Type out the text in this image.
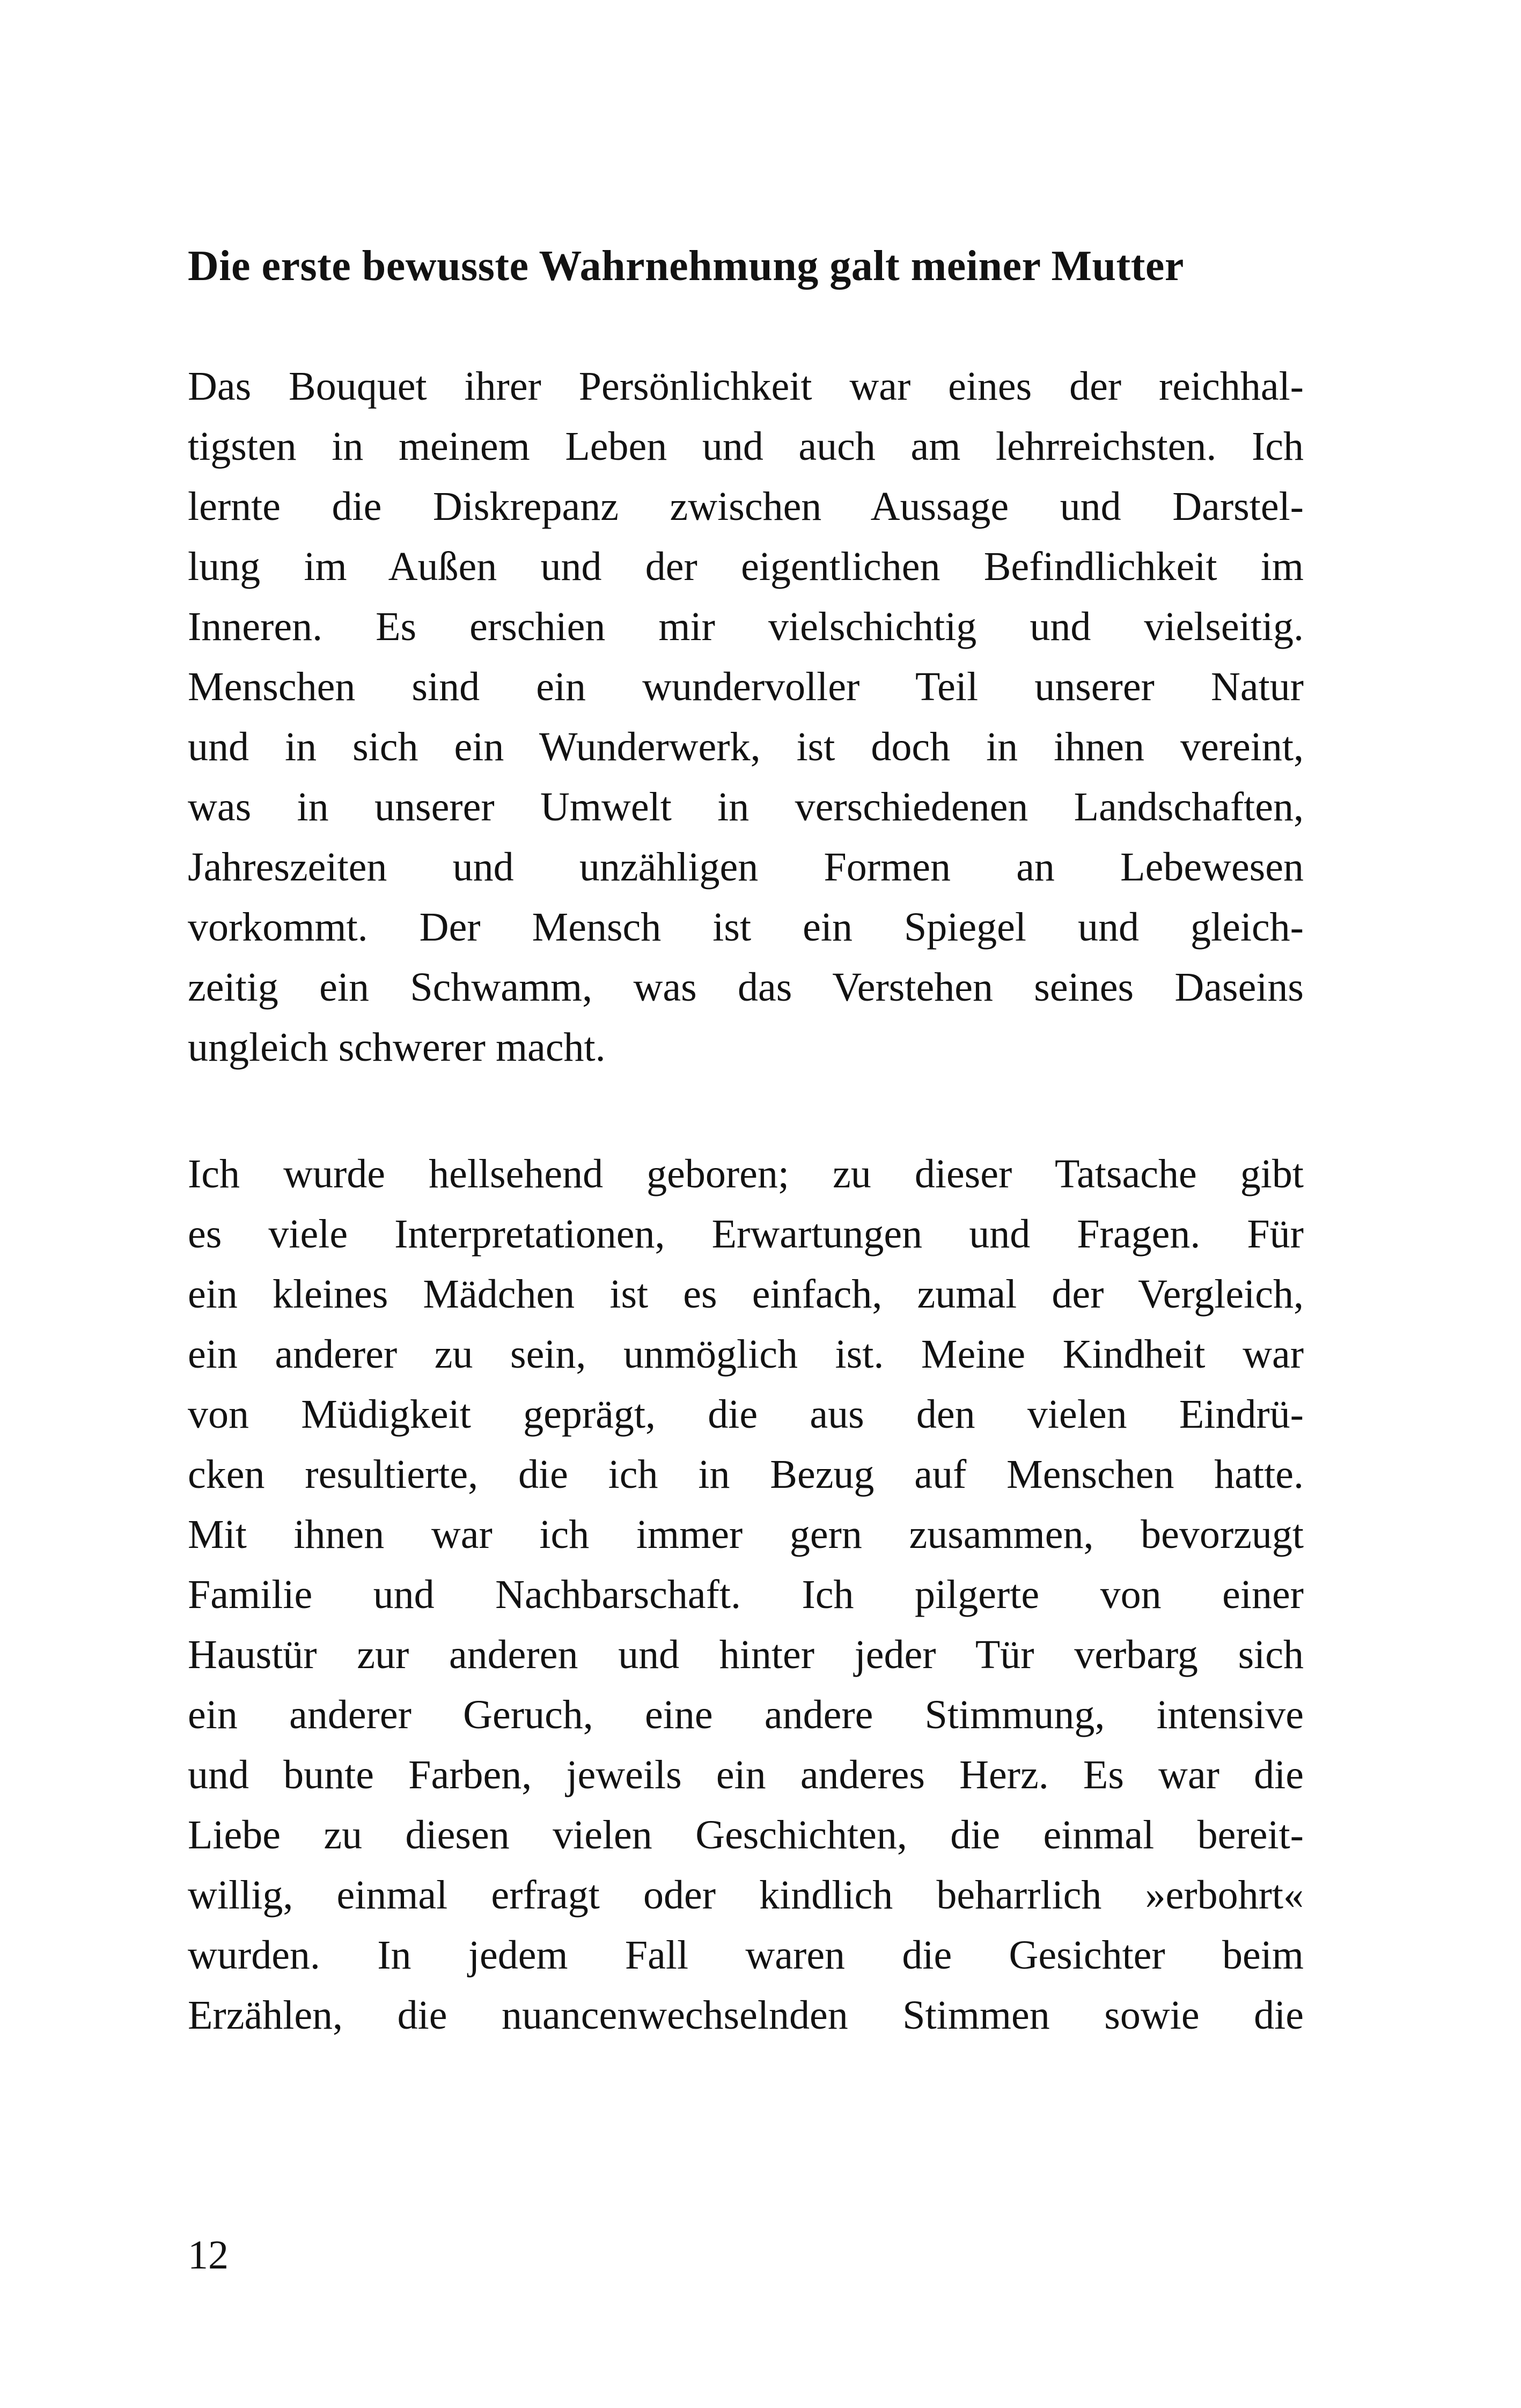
Die erste bewusste Wahrnehmung galt meiner Mutter
Das Bouquet ihrer Persönlichkeit war eines der reichhal-
tigsten in meinem Leben und auch am lehrreichsten. Ich
lernte die Diskrepanz zwischen Aussage und Darstel-
lung im Außen und der eigentlichen Befindlichkeit im
Inneren. Es erschien mir vielschichtig und vielseitig.
Menschen sind ein wundervoller Teil unserer Natur
und in sich ein Wunderwerk, ist doch in ihnen vereint,
was in unserer Umwelt in verschiedenen Landschaften,
Jahreszeiten und unzähligen Formen an Lebewesen
vorkommt. Der Mensch ist ein Spiegel und gleich-
zeitig ein Schwamm, was das Verstehen seines Daseins
ungleich schwerer macht.
Ich wurde hellsehend geboren; zu dieser Tatsache gibt
es viele Interpretationen, Erwartungen und Fragen. Für
ein kleines Mädchen ist es einfach, zumal der Vergleich,
ein anderer zu sein, unmöglich ist. Meine Kindheit war
von Müdigkeit geprägt, die aus den vielen Eindrü-
cken resultierte, die ich in Bezug auf Menschen hatte.
Mit ihnen war ich immer gern zusammen, bevorzugt
Familie und Nachbarschaft. Ich pilgerte von einer
Haustür zur anderen und hinter jeder Tür verbarg sich
ein anderer Geruch, eine andere Stimmung, intensive
und bunte Farben, jeweils ein anderes Herz. Es war die
Liebe zu diesen vielen Geschichten, die einmal bereit-
willig, einmal erfragt oder kindlich beharrlich »erbohrt«
wurden. In jedem Fall waren die Gesichter beim
Erzählen, die nuancenwechselnden Stimmen sowie die
12
